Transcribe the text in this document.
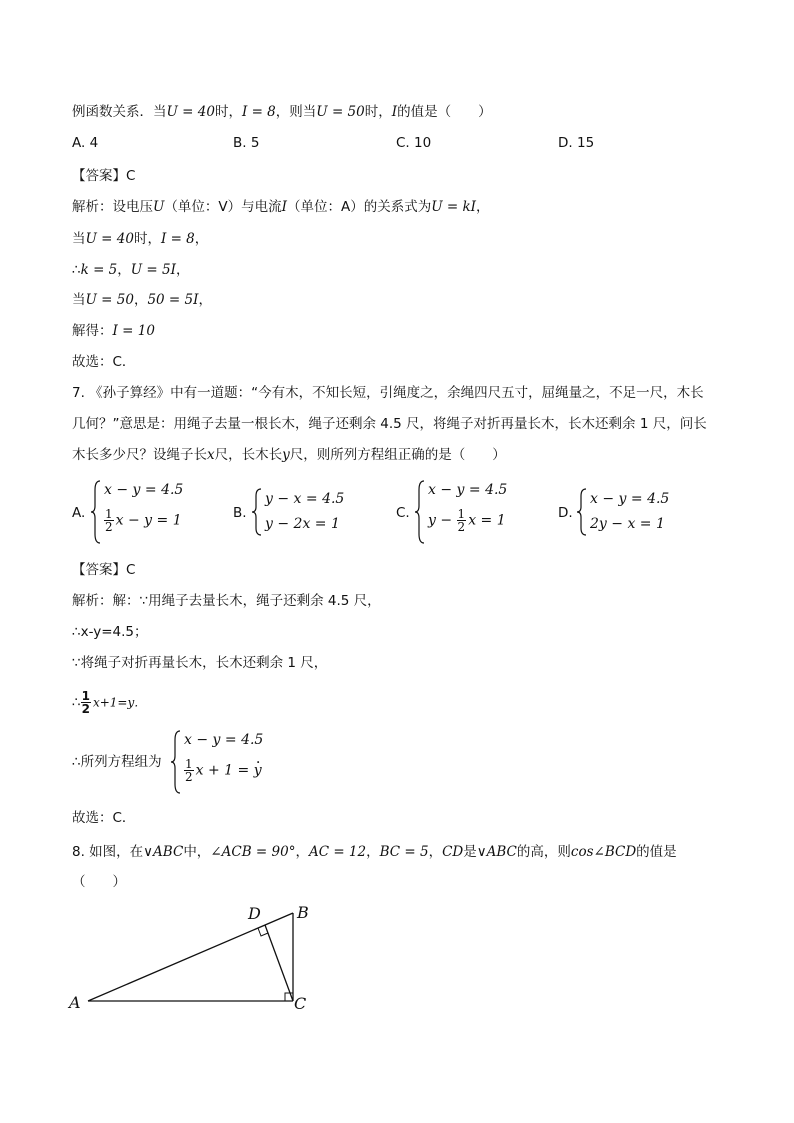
例函数关系．当U = 40时，I = 8，则当U = 50时，I的值是（　　）
A. 4	B. 5	C. 10	D. 15
【答案】C
解析：设电压U（单位：V）与电流I（单位：A）的关系式为U = kI，
当U = 40时，I = 8，
∴k = 5，U = 5I，
当U = 50，50 = 5I，
解得：I = 10
故选：C．
7. 《孙子算经》中有一道题：“今有木，不知长短，引绳度之，余绳四尺五寸，屈绳量之，不足一尺，木长
几何？”意思是：用绳子去量一根长木，绳子还剩余 4.5 尺，将绳子对折再量长木，长木还剩余 1 尺，问长
木长多少尺？设绳子长x尺，长木长y尺，则所列方程组正确的是（　　）
A.
x − y = 4.5
$\frac{1}{2}$ x − y = 1	B.
y − x = 4.5
y − 2x = 1
C.
x − y = 4.5
$y - \frac{1}{2}$ x = 1	D.
x − y = 4.5
2y − x = 1
【答案】C
解析：解：∵用绳子去量长木，绳子还剩余 4.5 尺，
∴x-y=4.5；
∵将绳子对折再量长木，长木还剩余 1 尺，
∴ $\frac{1}{2} x+1=y$．
∴所列方程组为
x − y = 4.5
$\frac{1}{2}$ x + 1 = y
．
故选：C．
8. 如图，在∨ABC中，∠ACB = 90°，AC = 12，BC = 5，CD是∨ABC的高，则cos∠BCD的值是
（　　）
A
B
C
D
